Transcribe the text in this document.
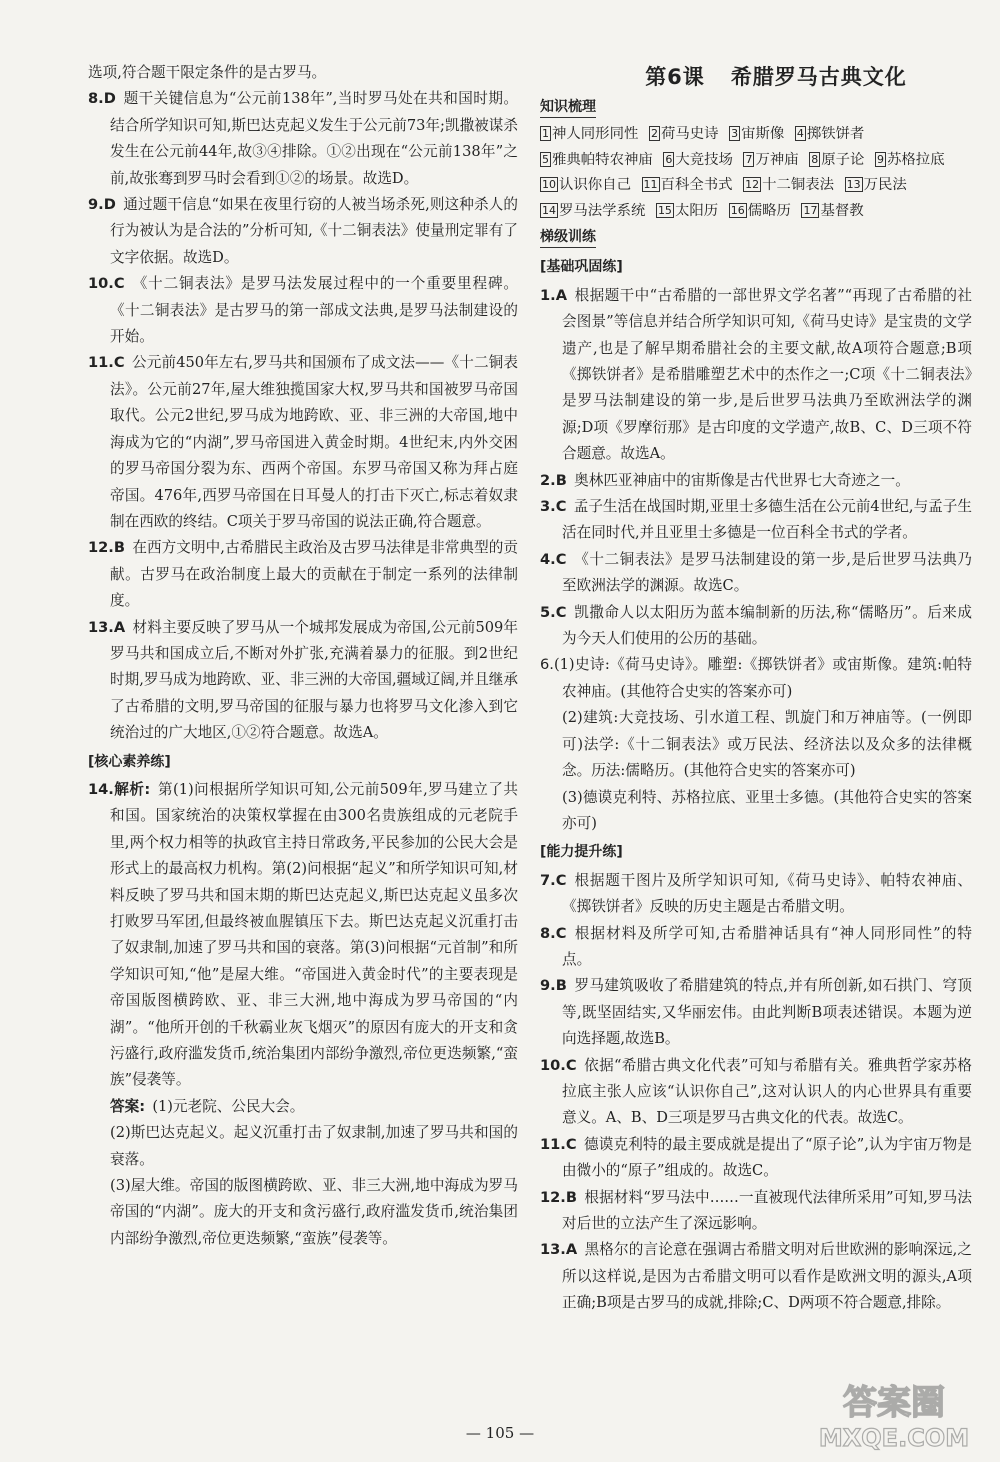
选项,符合题干限定条件的是古罗马。
8.D  题干关键信息为“公元前138年”,当时罗马处在共和国时期。结合所学知识可知,斯巴达克起义发生于公元前73年;凯撒被谋杀发生在公元前44年,故③④排除。①②出现在“公元前138年”之前,故张骞到罗马时会看到①②的场景。故选D。
9.D  通过题干信息“如果在夜里行窃的人被当场杀死,则这种杀人的行为被认为是合法的”分析可知,《十二铜表法》使量刑定罪有了文字依据。故选D。
10.C  《十二铜表法》是罗马法发展过程中的一个重要里程碑。《十二铜表法》是古罗马的第一部成文法典,是罗马法制建设的开始。
11.C  公元前450年左右,罗马共和国颁布了成文法——《十二铜表法》。公元前27年,屋大维独揽国家大权,罗马共和国被罗马帝国取代。公元2世纪,罗马成为地跨欧、亚、非三洲的大帝国,地中海成为它的“内湖”,罗马帝国进入黄金时期。4世纪末,内外交困的罗马帝国分裂为东、西两个帝国。东罗马帝国又称为拜占庭帝国。476年,西罗马帝国在日耳曼人的打击下灭亡,标志着奴隶制在西欧的终结。C项关于罗马帝国的说法正确,符合题意。
12.B  在西方文明中,古希腊民主政治及古罗马法律是非常典型的贡献。古罗马在政治制度上最大的贡献在于制定一系列的法律制度。
13.A  材料主要反映了罗马从一个城邦发展成为帝国,公元前509年罗马共和国成立后,不断对外扩张,充满着暴力的征服。到2世纪时期,罗马成为地跨欧、亚、非三洲的大帝国,疆域辽阔,并且继承了古希腊的文明,罗马帝国的征服与暴力也将罗马文化渗入到它统治过的广大地区,①②符合题意。故选A。
[核心素养练]
14.解析:  第(1)问根据所学知识可知,公元前509年,罗马建立了共和国。国家统治的决策权掌握在由300名贵族组成的元老院手里,两个权力相等的执政官主持日常政务,平民参加的公民大会是形式上的最高权力机构。第(2)问根据“起义”和所学知识可知,材料反映了罗马共和国末期的斯巴达克起义,斯巴达克起义虽多次打败罗马军团,但最终被血腥镇压下去。斯巴达克起义沉重打击了奴隶制,加速了罗马共和国的衰落。第(3)问根据“元首制”和所学知识可知,“他”是屋大维。“帝国进入黄金时代”的主要表现是帝国版图横跨欧、亚、非三大洲,地中海成为罗马帝国的“内湖”。“他所开创的千秋霸业灰飞烟灭”的原因有庞大的开支和贪污盛行,政府滥发货币,统治集团内部纷争激烈,帝位更迭频繁,“蛮族”侵袭等。
答案:  (1)元老院、公民大会。
(2)斯巴达克起义。起义沉重打击了奴隶制,加速了罗马共和国的衰落。
(3)屋大维。帝国的版图横跨欧、亚、非三大洲,地中海成为罗马帝国的“内湖”。庞大的开支和贪污盛行,政府滥发货币,统治集团内部纷争激烈,帝位更迭频繁,“蛮族”侵袭等。
第6课 希腊罗马古典文化
知识梳理
1 神人同形同性 2 荷马史诗 3 宙斯像 4 掷铁饼者 5 雅典帕特农神庙 6 大竞技场 7 万神庙 8 原子论 9 苏格拉底 10 认识你自己 11 百科全书式 12 十二铜表法 13 万民法 14 罗马法学系统 15 太阳历 16 儒略历 17 基督教
梯级训练
[基础巩固练]
1.A  根据题干中“古希腊的一部世界文学名著”“再现了古希腊的社会图景”等信息并结合所学知识可知,《荷马史诗》是宝贵的文学遗产,也是了解早期希腊社会的主要文献,故A项符合题意;B项《掷铁饼者》是希腊雕塑艺术中的杰作之一;C项《十二铜表法》是罗马法制建设的第一步,是后世罗马法典乃至欧洲法学的渊源;D项《罗摩衍那》是古印度的文学遗产,故B、C、D三项不符合题意。故选A。
2.B  奥林匹亚神庙中的宙斯像是古代世界七大奇迹之一。
3.C  孟子生活在战国时期,亚里士多德生活在公元前4世纪,与孟子生活在同时代,并且亚里士多德是一位百科全书式的学者。
4.C  《十二铜表法》是罗马法制建设的第一步,是后世罗马法典乃至欧洲法学的渊源。故选C。
5.C  凯撒命人以太阳历为蓝本编制新的历法,称“儒略历”。后来成为今天人们使用的公历的基础。
6.(1)史诗:《荷马史诗》。雕塑:《掷铁饼者》或宙斯像。建筑:帕特农神庙。(其他符合史实的答案亦可)
(2)建筑:大竞技场、引水道工程、凯旋门和万神庙等。(一例即可)法学:《十二铜表法》或万民法、经济法以及众多的法律概念。历法:儒略历。(其他符合史实的答案亦可)
(3)德谟克利特、苏格拉底、亚里士多德。(其他符合史实的答案亦可)
[能力提升练]
7.C  根据题干图片及所学知识可知,《荷马史诗》、帕特农神庙、《掷铁饼者》反映的历史主题是古希腊文明。
8.C  根据材料及所学可知,古希腊神话具有“神人同形同性”的特点。
9.B  罗马建筑吸收了希腊建筑的特点,并有所创新,如石拱门、穹顶等,既坚固结实,又华丽宏伟。由此判断B项表述错误。本题为逆向选择题,故选B。
10.C  依据“希腊古典文化代表”可知与希腊有关。雅典哲学家苏格拉底主张人应该“认识你自己”,这对认识人的内心世界具有重要意义。A、B、D三项是罗马古典文化的代表。故选C。
11.C  德谟克利特的最主要成就是提出了“原子论”,认为宇宙万物是由微小的“原子”组成的。故选C。
12.B  根据材料“罗马法中……一直被现代法律所采用”可知,罗马法对后世的立法产生了深远影响。
13.A  黑格尔的言论意在强调古希腊文明对后世欧洲的影响深远,之所以这样说,是因为古希腊文明可以看作是欧洲文明的源头,A项正确;B项是古罗马的成就,排除;C、D两项不符合题意,排除。
— 105 —
答案圈
MXQE.COM
